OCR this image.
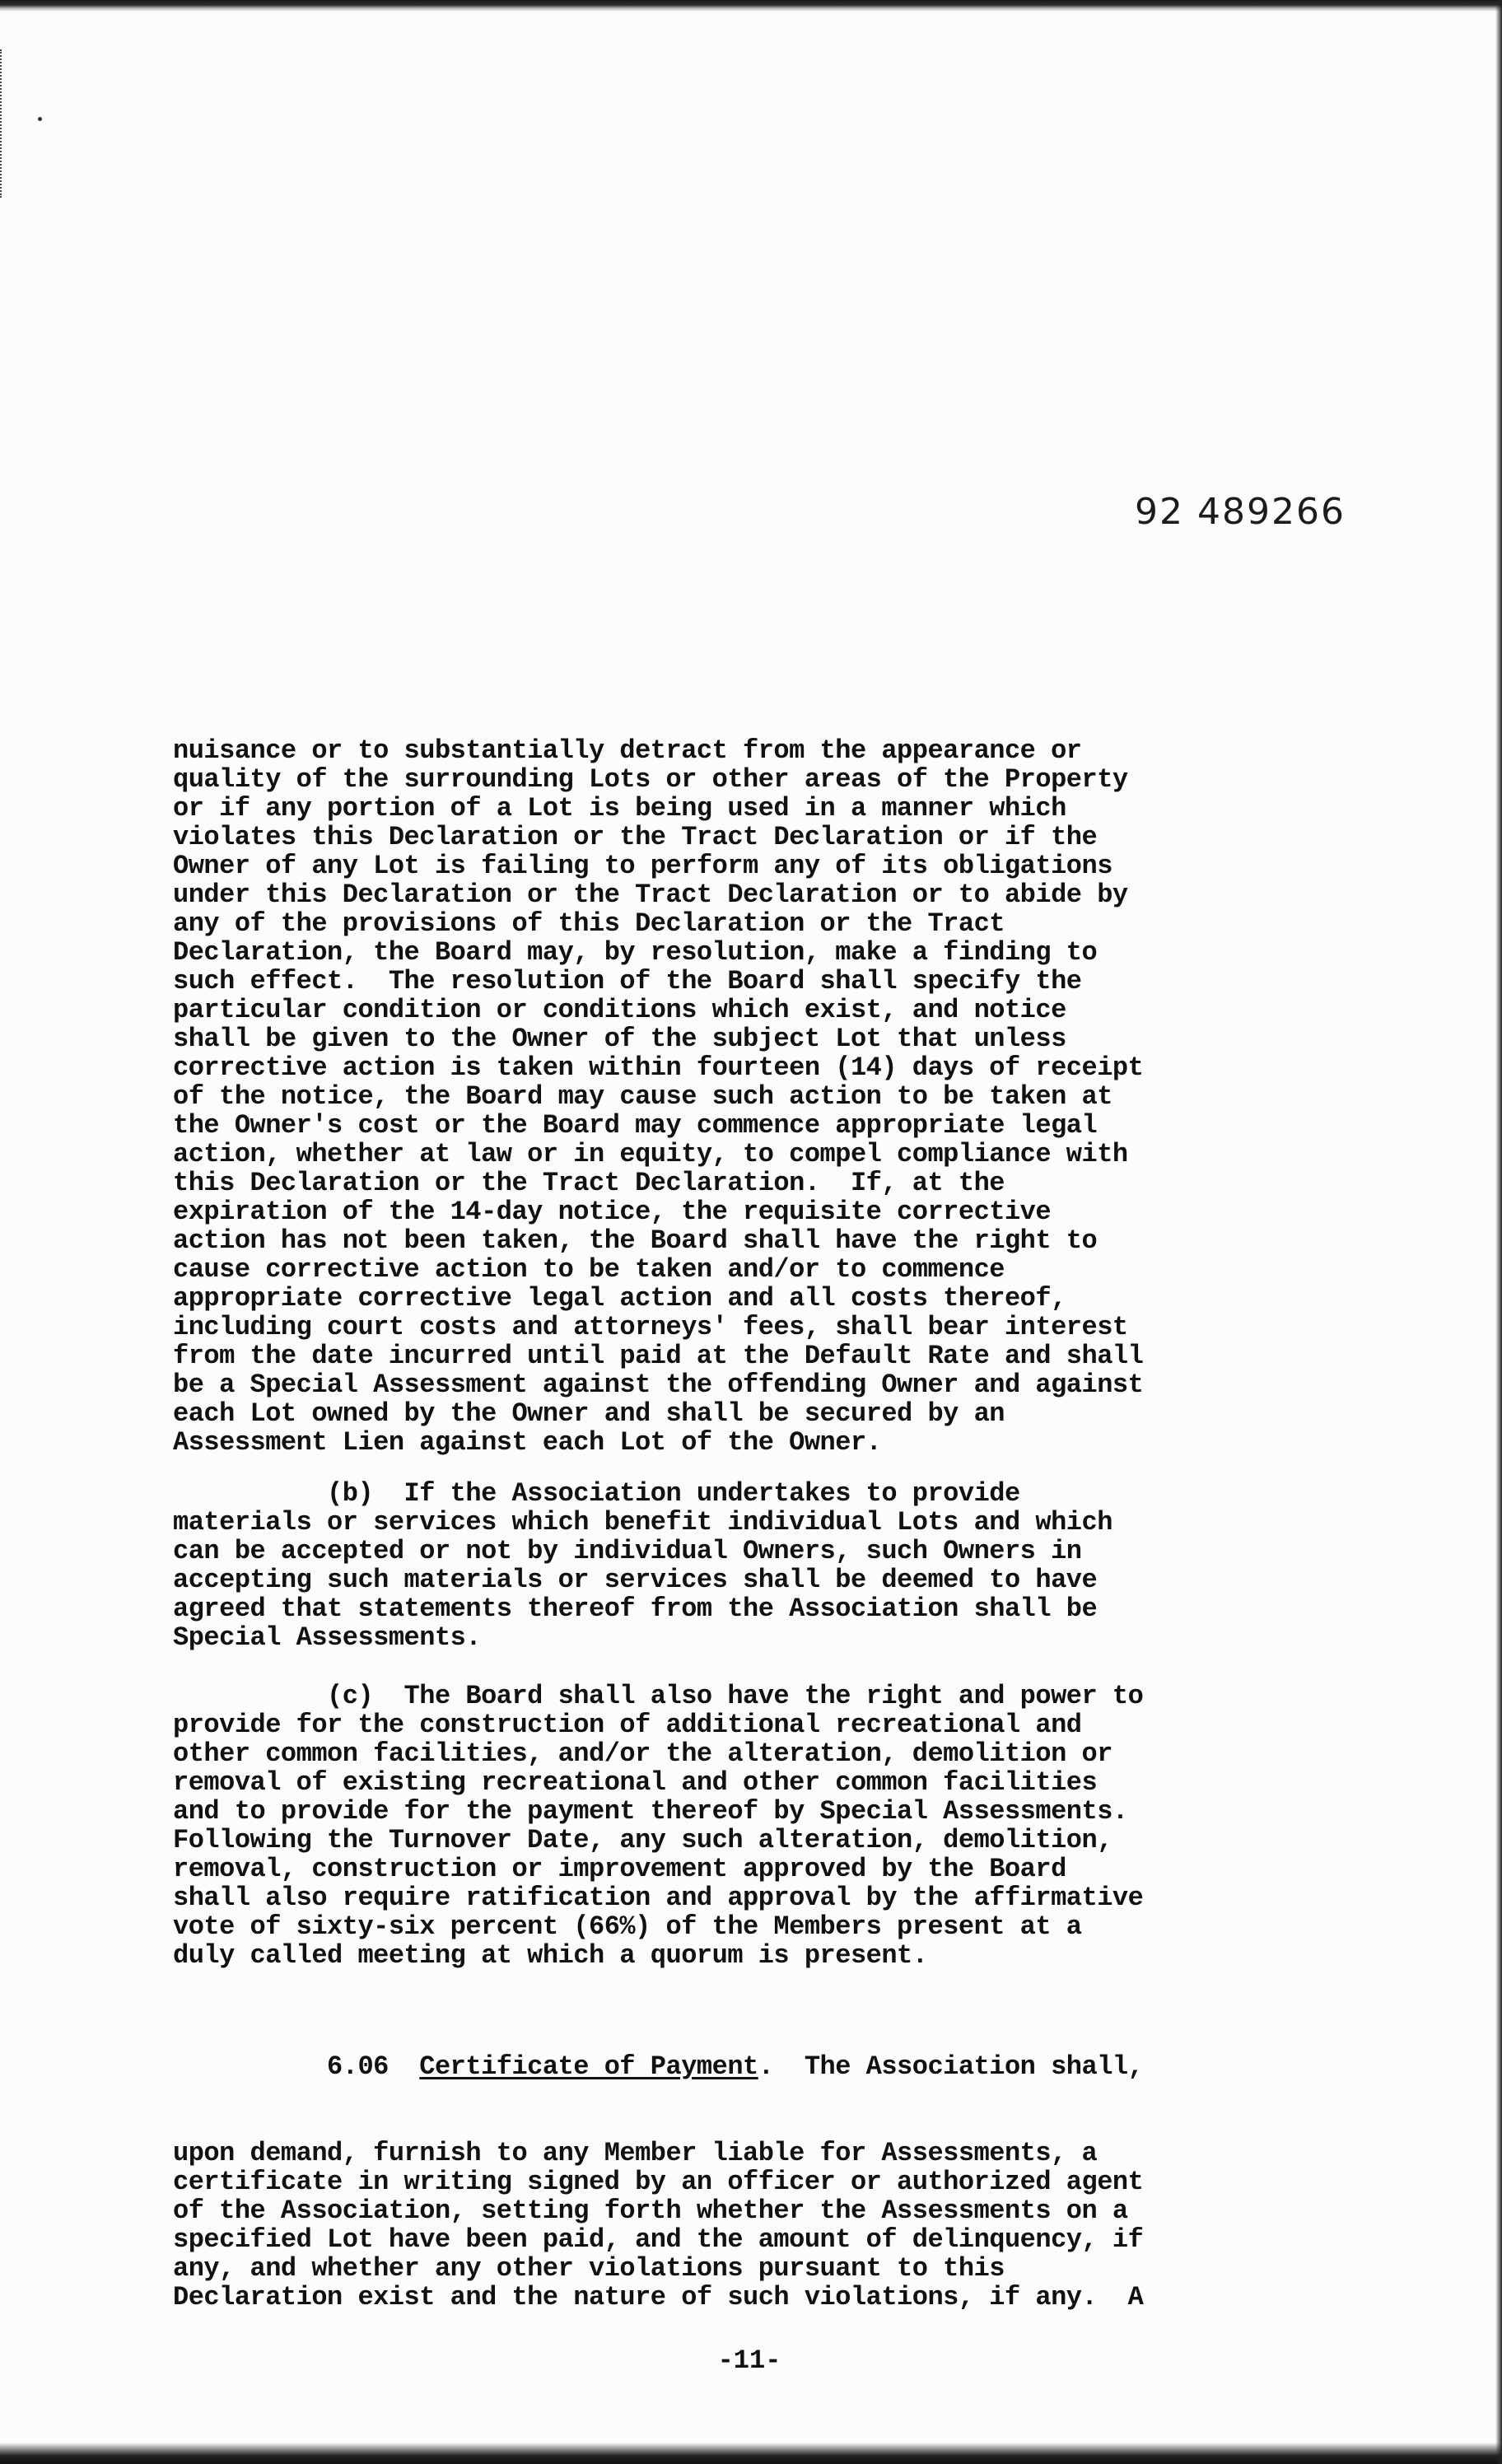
92 489266
nuisance or to substantially detract from the appearance or
quality of the surrounding Lots or other areas of the Property
or if any portion of a Lot is being used in a manner which
violates this Declaration or the Tract Declaration or if the
Owner of any Lot is failing to perform any of its obligations
under this Declaration or the Tract Declaration or to abide by
any of the provisions of this Declaration or the Tract
Declaration, the Board may, by resolution, make a finding to
such effect.  The resolution of the Board shall specify the
particular condition or conditions which exist, and notice
shall be given to the Owner of the subject Lot that unless
corrective action is taken within fourteen (14) days of receipt
of the notice, the Board may cause such action to be taken at
the Owner's cost or the Board may commence appropriate legal
action, whether at law or in equity, to compel compliance with
this Declaration or the Tract Declaration.  If, at the
expiration of the 14-day notice, the requisite corrective
action has not been taken, the Board shall have the right to
cause corrective action to be taken and/or to commence
appropriate corrective legal action and all costs thereof,
including court costs and attorneys' fees, shall bear interest
from the date incurred until paid at the Default Rate and shall
be a Special Assessment against the offending Owner and against
each Lot owned by the Owner and shall be secured by an
Assessment Lien against each Lot of the Owner.
(b)  If the Association undertakes to provide
materials or services which benefit individual Lots and which
can be accepted or not by individual Owners, such Owners in
accepting such materials or services shall be deemed to have
agreed that statements thereof from the Association shall be
Special Assessments.
(c)  The Board shall also have the right and power to
provide for the construction of additional recreational and
other common facilities, and/or the alteration, demolition or
removal of existing recreational and other common facilities
and to provide for the payment thereof by Special Assessments.
Following the Turnover Date, any such alteration, demolition,
removal, construction or improvement approved by the Board
shall also require ratification and approval by the affirmative
vote of sixty-six percent (66%) of the Members present at a
duly called meeting at which a quorum is present.

6.06 Certificate of Payment.  The Association shall,

upon demand, furnish to any Member liable for Assessments, a
certificate in writing signed by an officer or authorized agent
of the Association, setting forth whether the Assessments on a
specified Lot have been paid, and the amount of delinquency, if
any, and whether any other violations pursuant to this
Declaration exist and the nature of such violations, if any.  A

-11-
